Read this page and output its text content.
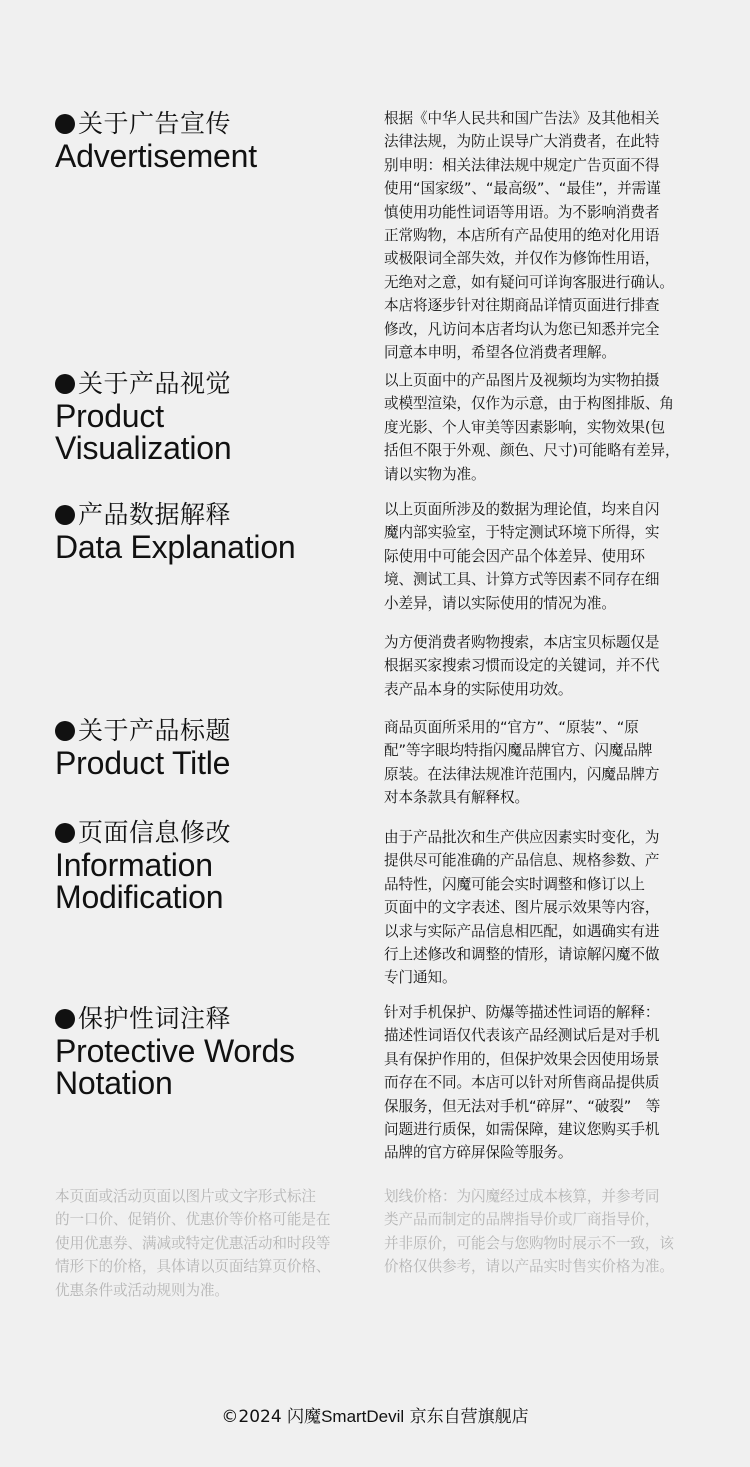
关于广告宣传
Advertisement
根据《中华人民共和国广告法》及其他相关
法律法规，为防止误导广大消费者，在此特
别申明：相关法律法规中规定广告页面不得
使用“国家级”、“最高级”、“最佳”，并需谨
慎使用功能性词语等用语。为不影响消费者
正常购物，本店所有产品使用的绝对化用语
或极限词全部失效，并仅作为修饰性用语，
无绝对之意，如有疑问可详询客服进行确认。
本店将逐步针对往期商品详情页面进行排查
修改，凡访问本店者均认为您已知悉并完全
同意本申明，希望各位消费者理解。
关于产品视觉
Product
Visualization
以上页面中的产品图片及视频均为实物拍摄
或模型渲染，仅作为示意，由于构图排版、角
度光影、个人审美等因素影响，实物效果(包
括但不限于外观、颜色、尺寸)可能略有差异，
请以实物为准。
产品数据解释
Data Explanation
以上页面所涉及的数据为理论值，均来自闪
魔内部实验室，于特定测试环境下所得，实
际使用中可能会因产品个体差异、使用环
境、测试工具、计算方式等因素不同存在细
小差异，请以实际使用的情况为准。
为方便消费者购物搜索，本店宝贝标题仅是
根据买家搜索习惯而设定的关键词，并不代
表产品本身的实际使用功效。
关于产品标题
Product Title
商品页面所采用的“官方”、“原装”、“原
配”等字眼均特指闪魔品牌官方、闪魔品牌
原装。在法律法规准许范围内，闪魔品牌方
对本条款具有解释权。
页面信息修改
Information
Modification
由于产品批次和生产供应因素实时变化，为
提供尽可能准确的产品信息、规格参数、产
品特性，闪魔可能会实时调整和修订以上
页面中的文字表述、图片展示效果等内容，
以求与实际产品信息相匹配，如遇确实有进
行上述修改和调整的情形，请谅解闪魔不做
专门通知。
保护性词注释
Protective Words
Notation
针对手机保护、防爆等描述性词语的解释：
描述性词语仅代表该产品经测试后是对手机
具有保护作用的，但保护效果会因使用场景
而存在不同。本店可以针对所售商品提供质
保服务，但无法对手机“碎屏”、“破裂”　等
问题进行质保，如需保障，建议您购买手机
品牌的官方碎屏保险等服务。
本页面或活动页面以图片或文字形式标注
的一口价、促销价、优惠价等价格可能是在
使用优惠券、满减或特定优惠活动和时段等
情形下的价格，具体请以页面结算页价格、
优惠条件或活动规则为准。
划线价格：为闪魔经过成本核算，并参考同
类产品而制定的品牌指导价或厂商指导价，
并非原价，可能会与您购物时展示不一致，该
价格仅供参考，请以产品实时售实价格为准。
©2024 闪魔SmartDevil 京东自营旗舰店
